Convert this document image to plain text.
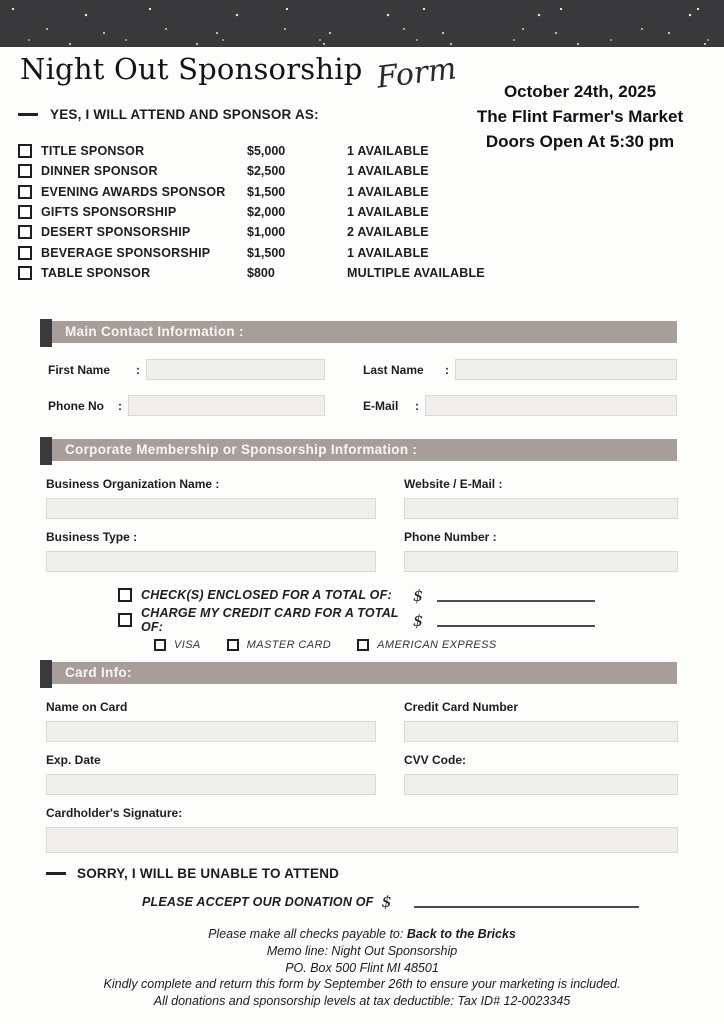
Night Out Sponsorship Form	October 24th, 2025
The Flint Farmer's Market
Doors Open At 5:30 pm
YES, I WILL ATTEND AND SPONSOR AS:
TITLE SPONSOR	$5,000	1 AVAILABLE
DINNER SPONSOR	$2,500	1 AVAILABLE
EVENING AWARDS SPONSOR	$1,500	1 AVAILABLE
GIFTS SPONSORSHIP	$2,000	1 AVAILABLE
DESERT SPONSORSHIP	$1,000	2 AVAILABLE
BEVERAGE SPONSORSHIP	$1,500	1 AVAILABLE
TABLE SPONSOR	$800	MULTIPLE AVAILABLE
Main Contact Information :
First Name	:	Last Name	:
Phone No	:	E-Mail	:
Corporate Membership or Sponsorship Information :
Business Organization Name :	Website / E-Mail :
Business Type :	Phone Number :
CHECK(S) ENCLOSED FOR A TOTAL OF:	$
CHARGE MY CREDIT CARD FOR A TOTAL OF:	$
VISA	MASTER CARD	AMERICAN EXPRESS
Card Info:
Name on Card	Credit Card Number
Exp. Date	CVV Code:
Cardholder's Signature:
SORRY, I WILL BE UNABLE TO ATTEND
PLEASE ACCEPT OUR DONATION OF $
Please make all checks payable to: Back to the Bricks
Memo line: Night Out Sponsorship
PO. Box 500 Flint MI 48501
Kindly complete and return this form by September 26th to ensure your marketing is included.
All donations and sponsorship levels at tax deductible: Tax ID# 12-0023345
